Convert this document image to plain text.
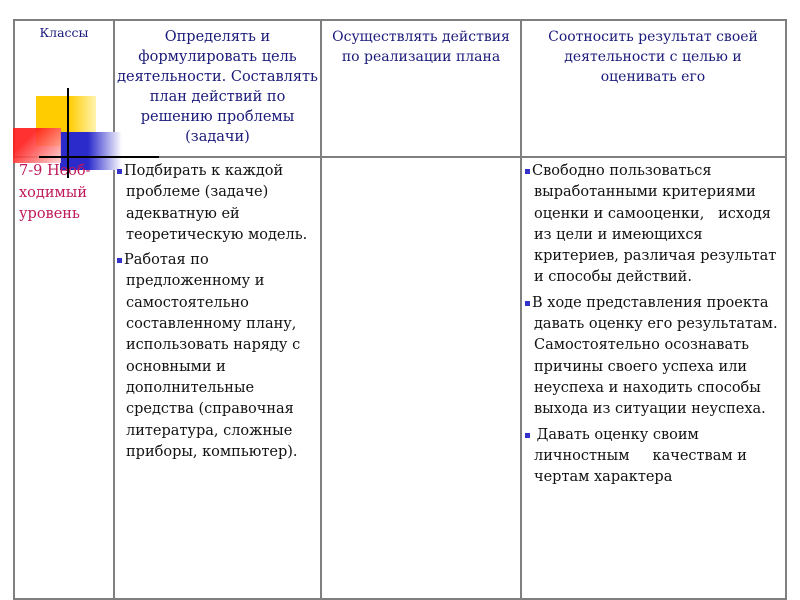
Классы	Определять и формулировать цель деятельности. Составлять план действий по решению проблемы (задачи)
Осуществлять действия по реализации плана
Соотносить результат своей деятельности с целью и оценивать его
7-9 Необ-ходимый уровень

Подбирать к каждой проблеме (задаче) адекватную ей теоретическую модель.

Работая по предложенному и самостоятельно составленному плану, использовать наряду с основными и дополнительные средства (справочная литература, сложные приборы, компьютер).

Свободно пользоваться выработанными критериями оценки и самооценки,   исходя из цели и имеющихся критериев, различая результат и способы действий.

В ходе представления проекта давать оценку его результатам. Самостоятельно осознавать причины своего успеха или неуспеха и находить способы выхода из ситуации неуспеха.

Давать оценку своим личностным     качествам и чертам характера
